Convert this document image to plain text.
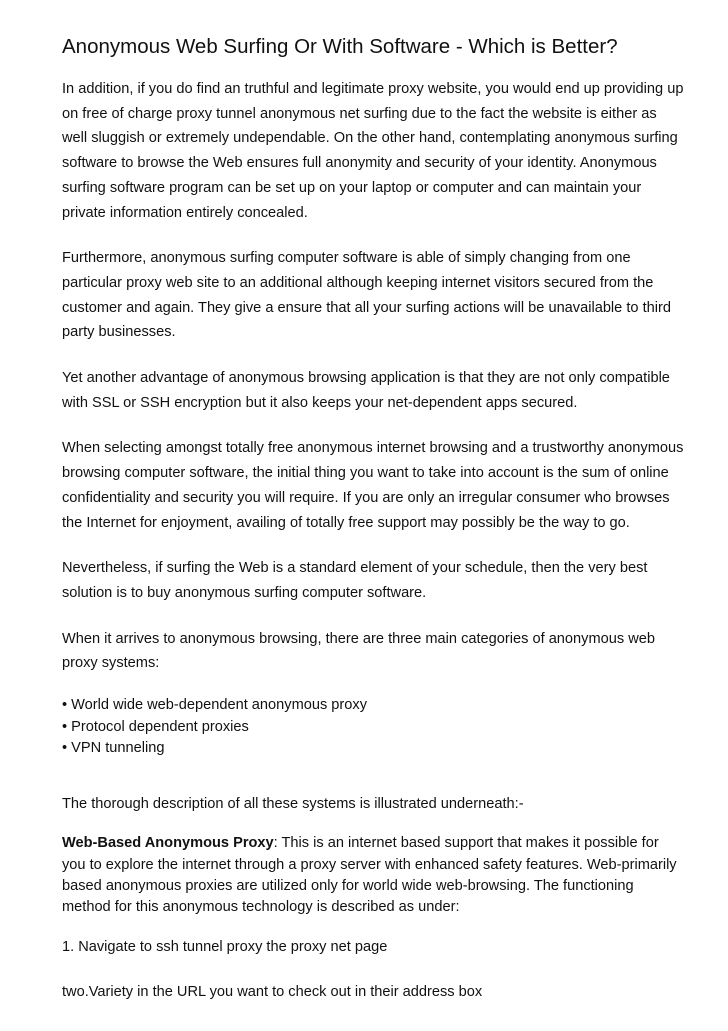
Anonymous Web Surfing Or With Software - Which is Better?

In addition, if you do find an truthful and legitimate proxy website, you would end up providing up on free of charge proxy tunnel anonymous net surfing due to the fact the website is either as well sluggish or extremely undependable. On the other hand, contemplating anonymous surfing software to browse the Web ensures full anonymity and security of your identity. Anonymous surfing software program can be set up on your laptop or computer and can maintain your private information entirely concealed.

Furthermore, anonymous surfing computer software is able of simply changing from one particular proxy web site to an additional although keeping internet visitors secured from the customer and again. They give a ensure that all your surfing actions will be unavailable to third party businesses.

Yet another advantage of anonymous browsing application is that they are not only compatible with SSL or SSH encryption but it also keeps your net-dependent apps secured.

When selecting amongst totally free anonymous internet browsing and a trustworthy anonymous browsing computer software, the initial thing you want to take into account is the sum of online confidentiality and security you will require. If you are only an irregular consumer who browses the Internet for enjoyment, availing of totally free support may possibly be the way to go.

Nevertheless, if surfing the Web is a standard element of your schedule, then the very best solution is to buy anonymous surfing computer software.

When it arrives to anonymous browsing, there are three main categories of anonymous web proxy systems:

• World wide web-dependent anonymous proxy
• Protocol dependent proxies
• VPN tunneling

The thorough description of all these systems is illustrated underneath:-

Web-Based Anonymous Proxy: This is an internet based support that makes it possible for you to explore the internet through a proxy server with enhanced safety features. Web-primarily based anonymous proxies are utilized only for world wide web-browsing. The functioning method for this anonymous technology is described as under:

1. Navigate to ssh tunnel proxy the proxy net page

two.Variety in the URL you want to check out in their address box
